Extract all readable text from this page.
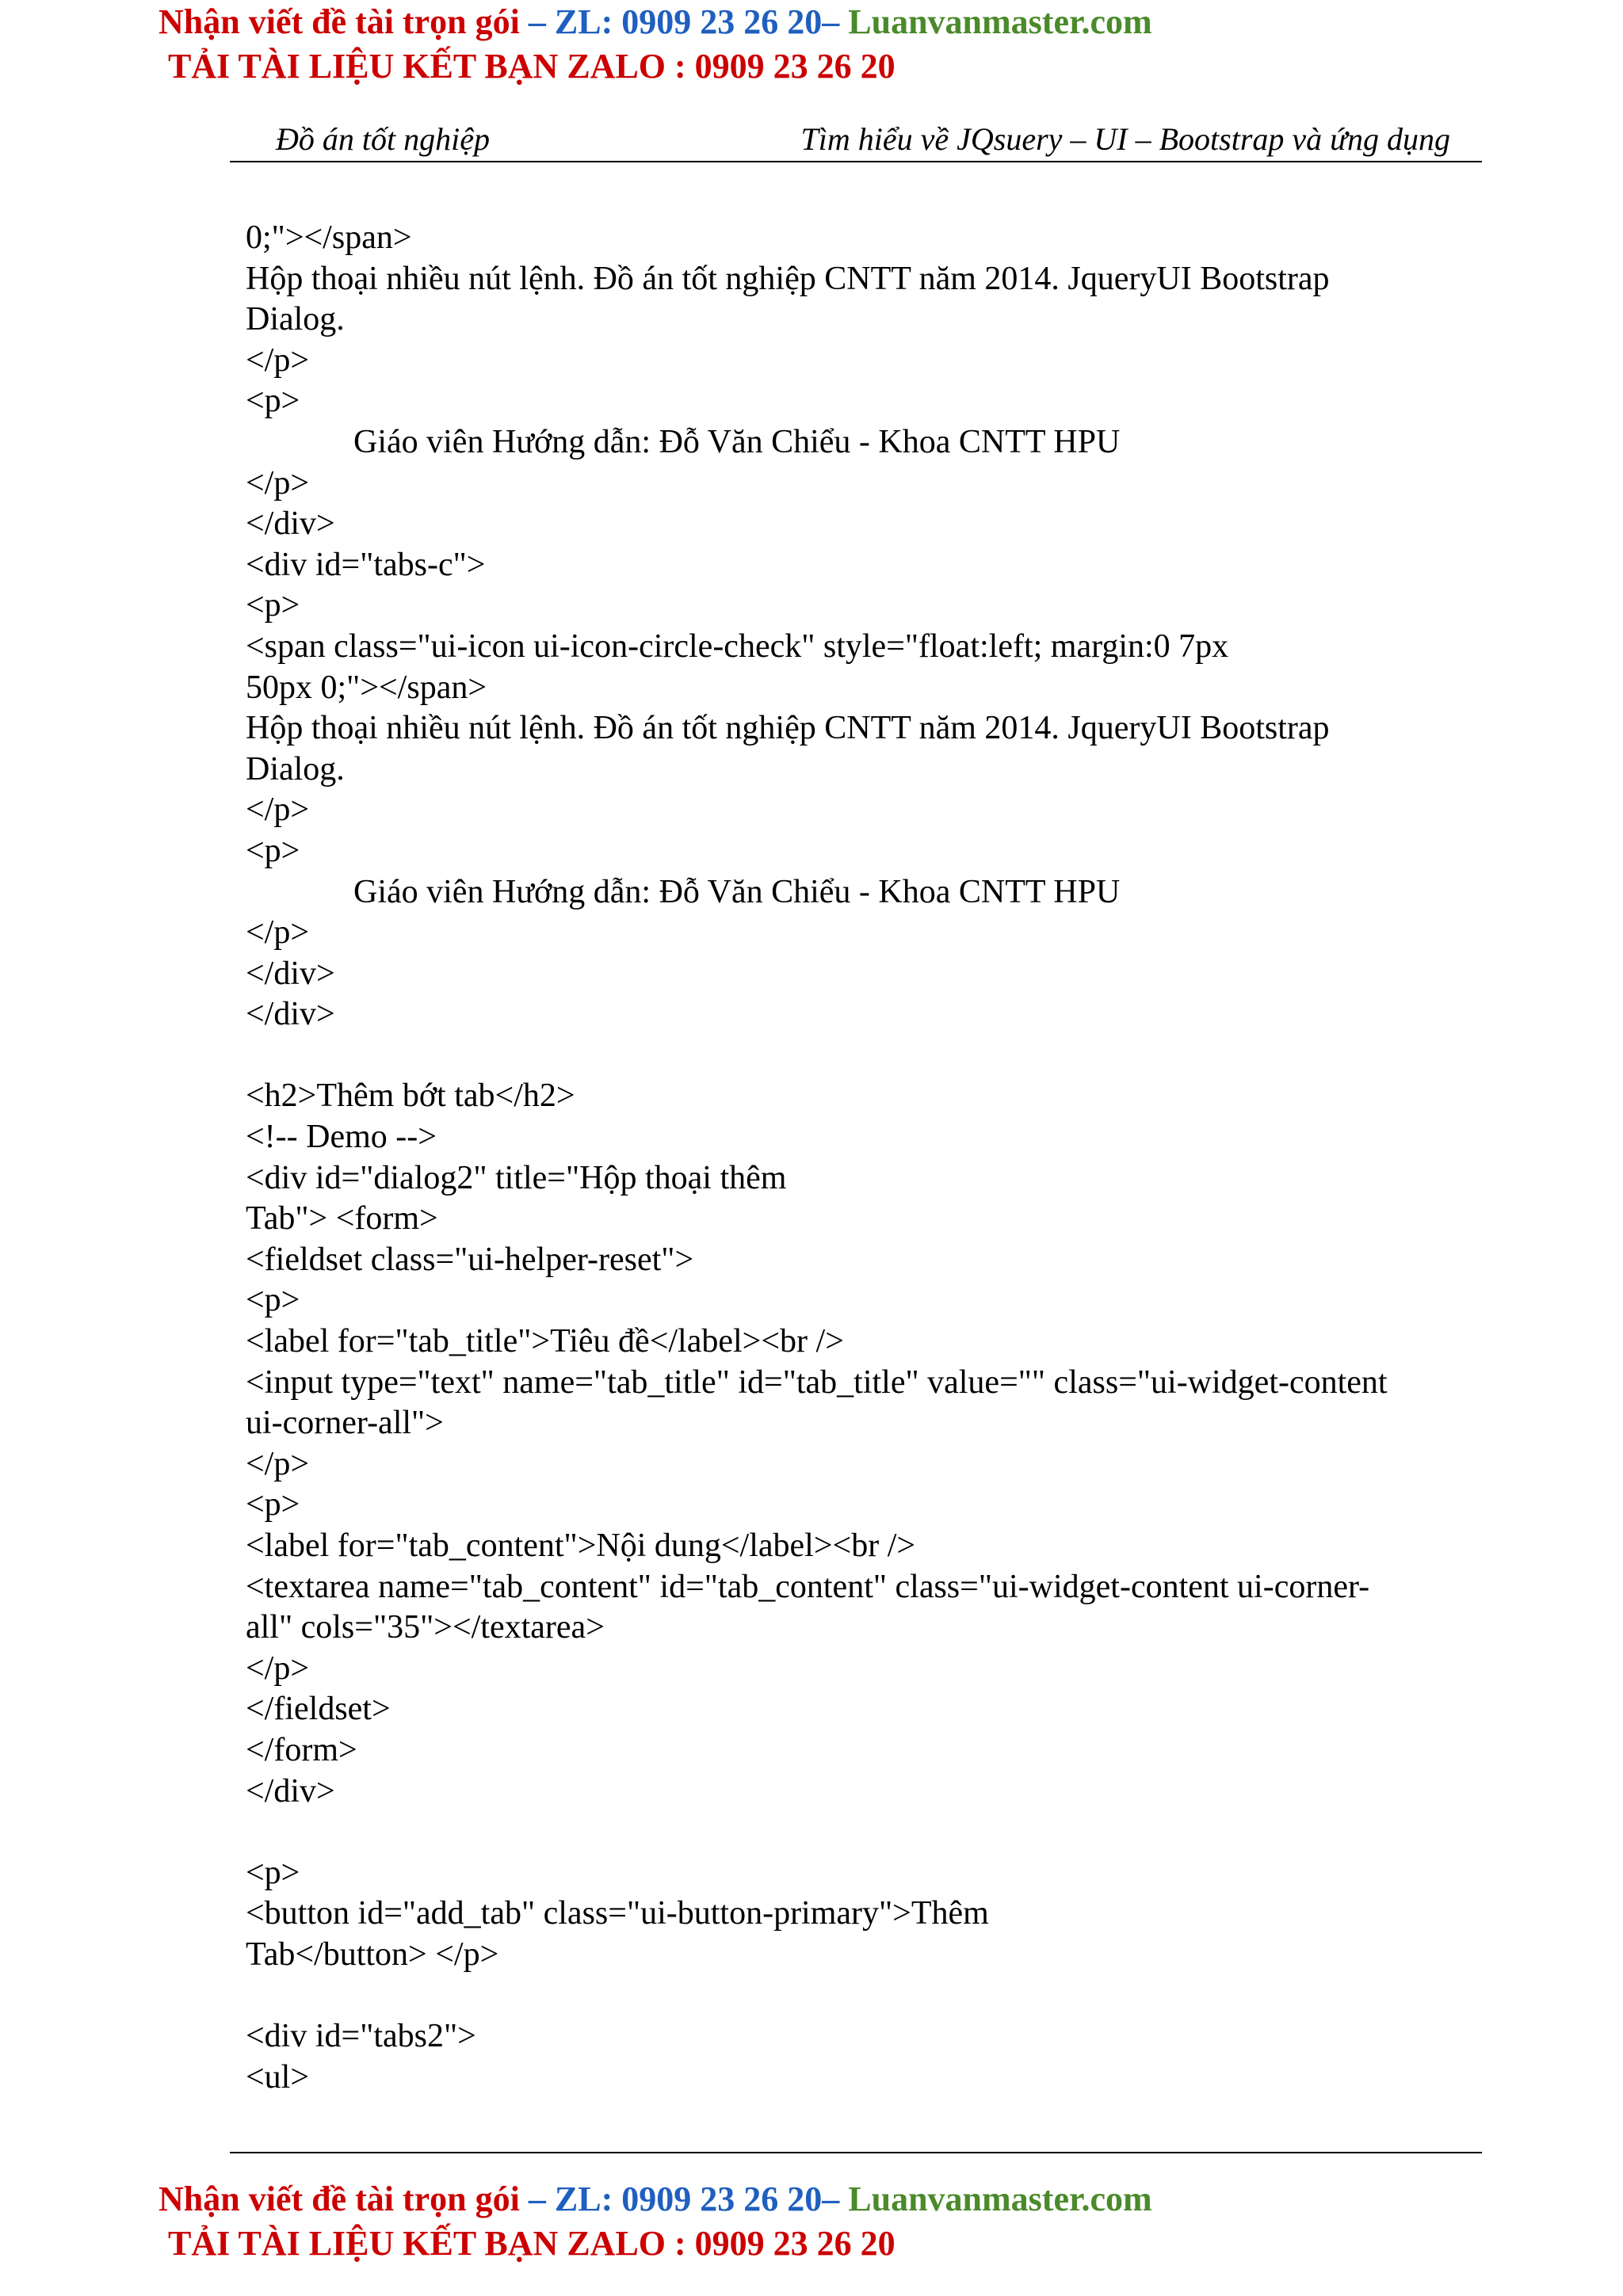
Nhận viết đề tài trọn gói – ZL: 0909 23 26 20– Luanvanmaster.com
TẢI TÀI LIỆU KẾT BẠN ZALO : 0909 23 26 20
Đồ án tốt nghiệp	Tìm hiểu về JQsuery – UI – Bootstrap và ứng dụng
0;"></span>
Hộp thoại nhiều nút lệnh. Đồ án tốt nghiệp CNTT năm 2014. JqueryUI Bootstrap
Dialog.
</p>
<p>
Giáo viên Hướng dẫn: Đỗ Văn Chiểu - Khoa CNTT HPU
</p>
</div>
<div id="tabs-c">
<p>
<span class="ui-icon ui-icon-circle-check" style="float:left; margin:0 7px
50px 0;"></span>
Hộp thoại nhiều nút lệnh. Đồ án tốt nghiệp CNTT năm 2014. JqueryUI Bootstrap
Dialog.
</p>
<p>
Giáo viên Hướng dẫn: Đỗ Văn Chiểu - Khoa CNTT HPU
</p>
</div>
</div>
<h2>Thêm bớt tab</h2>
<!-- Demo -->
<div id="dialog2" title="Hộp thoại thêm
Tab"> <form>
<fieldset class="ui-helper-reset">
<p>
<label for="tab_title">Tiêu đề</label><br />
<input type="text" name="tab_title" id="tab_title" value="" class="ui-widget-content
ui-corner-all">
</p>
<p>
<label for="tab_content">Nội dung</label><br />
<textarea name="tab_content" id="tab_content" class="ui-widget-content ui-corner-
all" cols="35"></textarea>
</p>
</fieldset>
</form>
</div>
<p>
<button id="add_tab" class="ui-button-primary">Thêm
Tab</button> </p>
<div id="tabs2">
<ul>
Nhận viết đề tài trọn gói – ZL: 0909 23 26 20– Luanvanmaster.com
TẢI TÀI LIỆU KẾT BẠN ZALO : 0909 23 26 20
